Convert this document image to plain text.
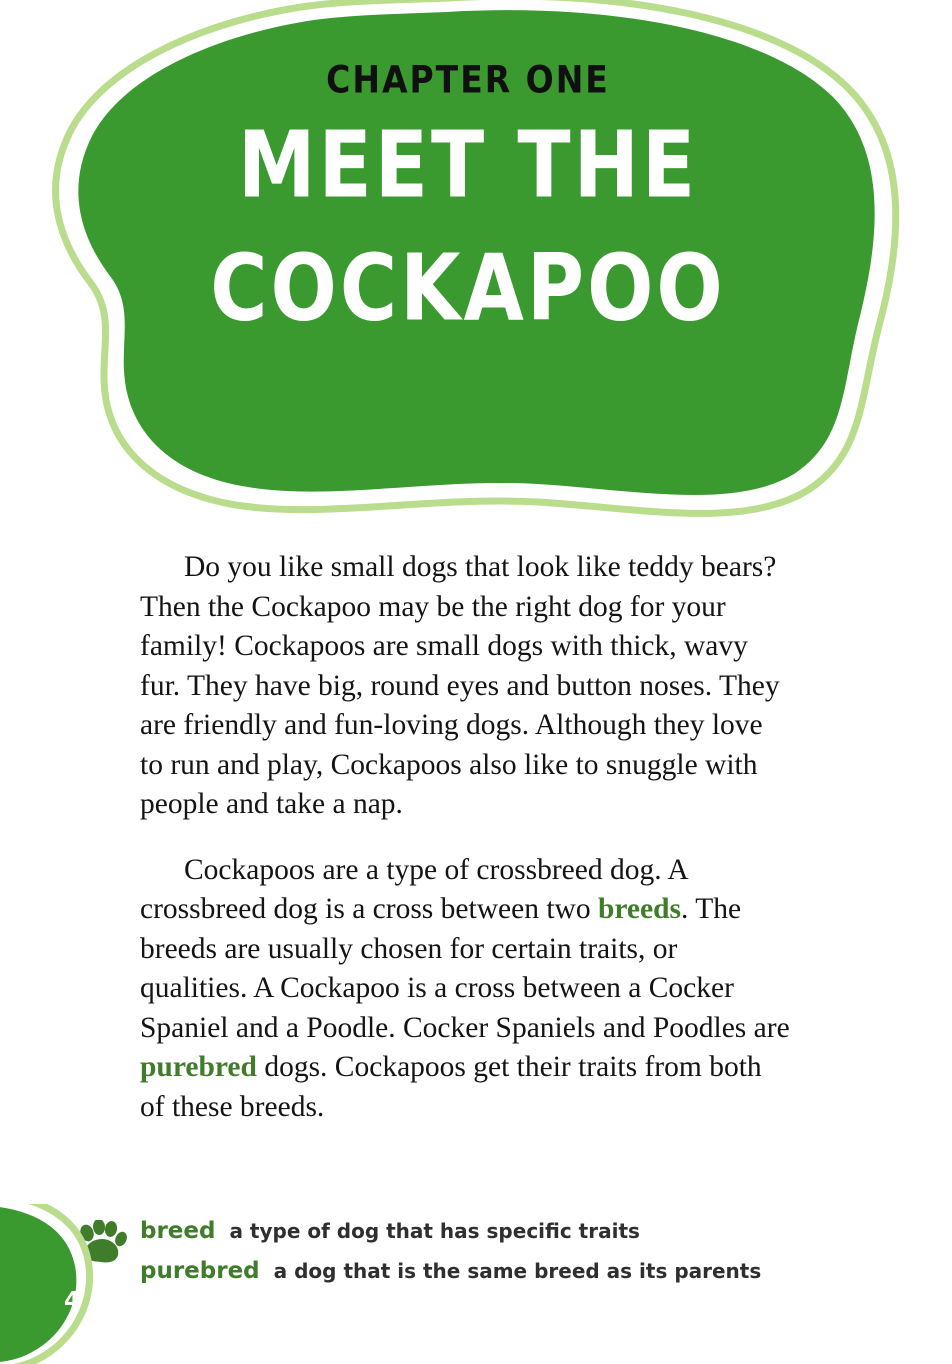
CHAPTER ONE
MEET THE
COCKAPOO

Do you like small dogs that look like teddy bears? Then the Cockapoo may be the right dog for your family! Cockapoos are small dogs with thick, wavy fur. They have big, round eyes and button noses. They are friendly and fun-loving dogs. Although they love to run and play, Cockapoos also like to snuggle with people and take a nap.

Cockapoos are a type of crossbreed dog. A crossbreed dog is a cross between two breeds. The breeds are usually chosen for certain traits, or qualities. A Cockapoo is a cross between a Cocker Spaniel and a Poodle. Cocker Spaniels and Poodles are purebred dogs. Cockapoos get their traits from both of these breeds.

breed a type of dog that has specific traits
purebred a dog that is the same breed as its parents
4
